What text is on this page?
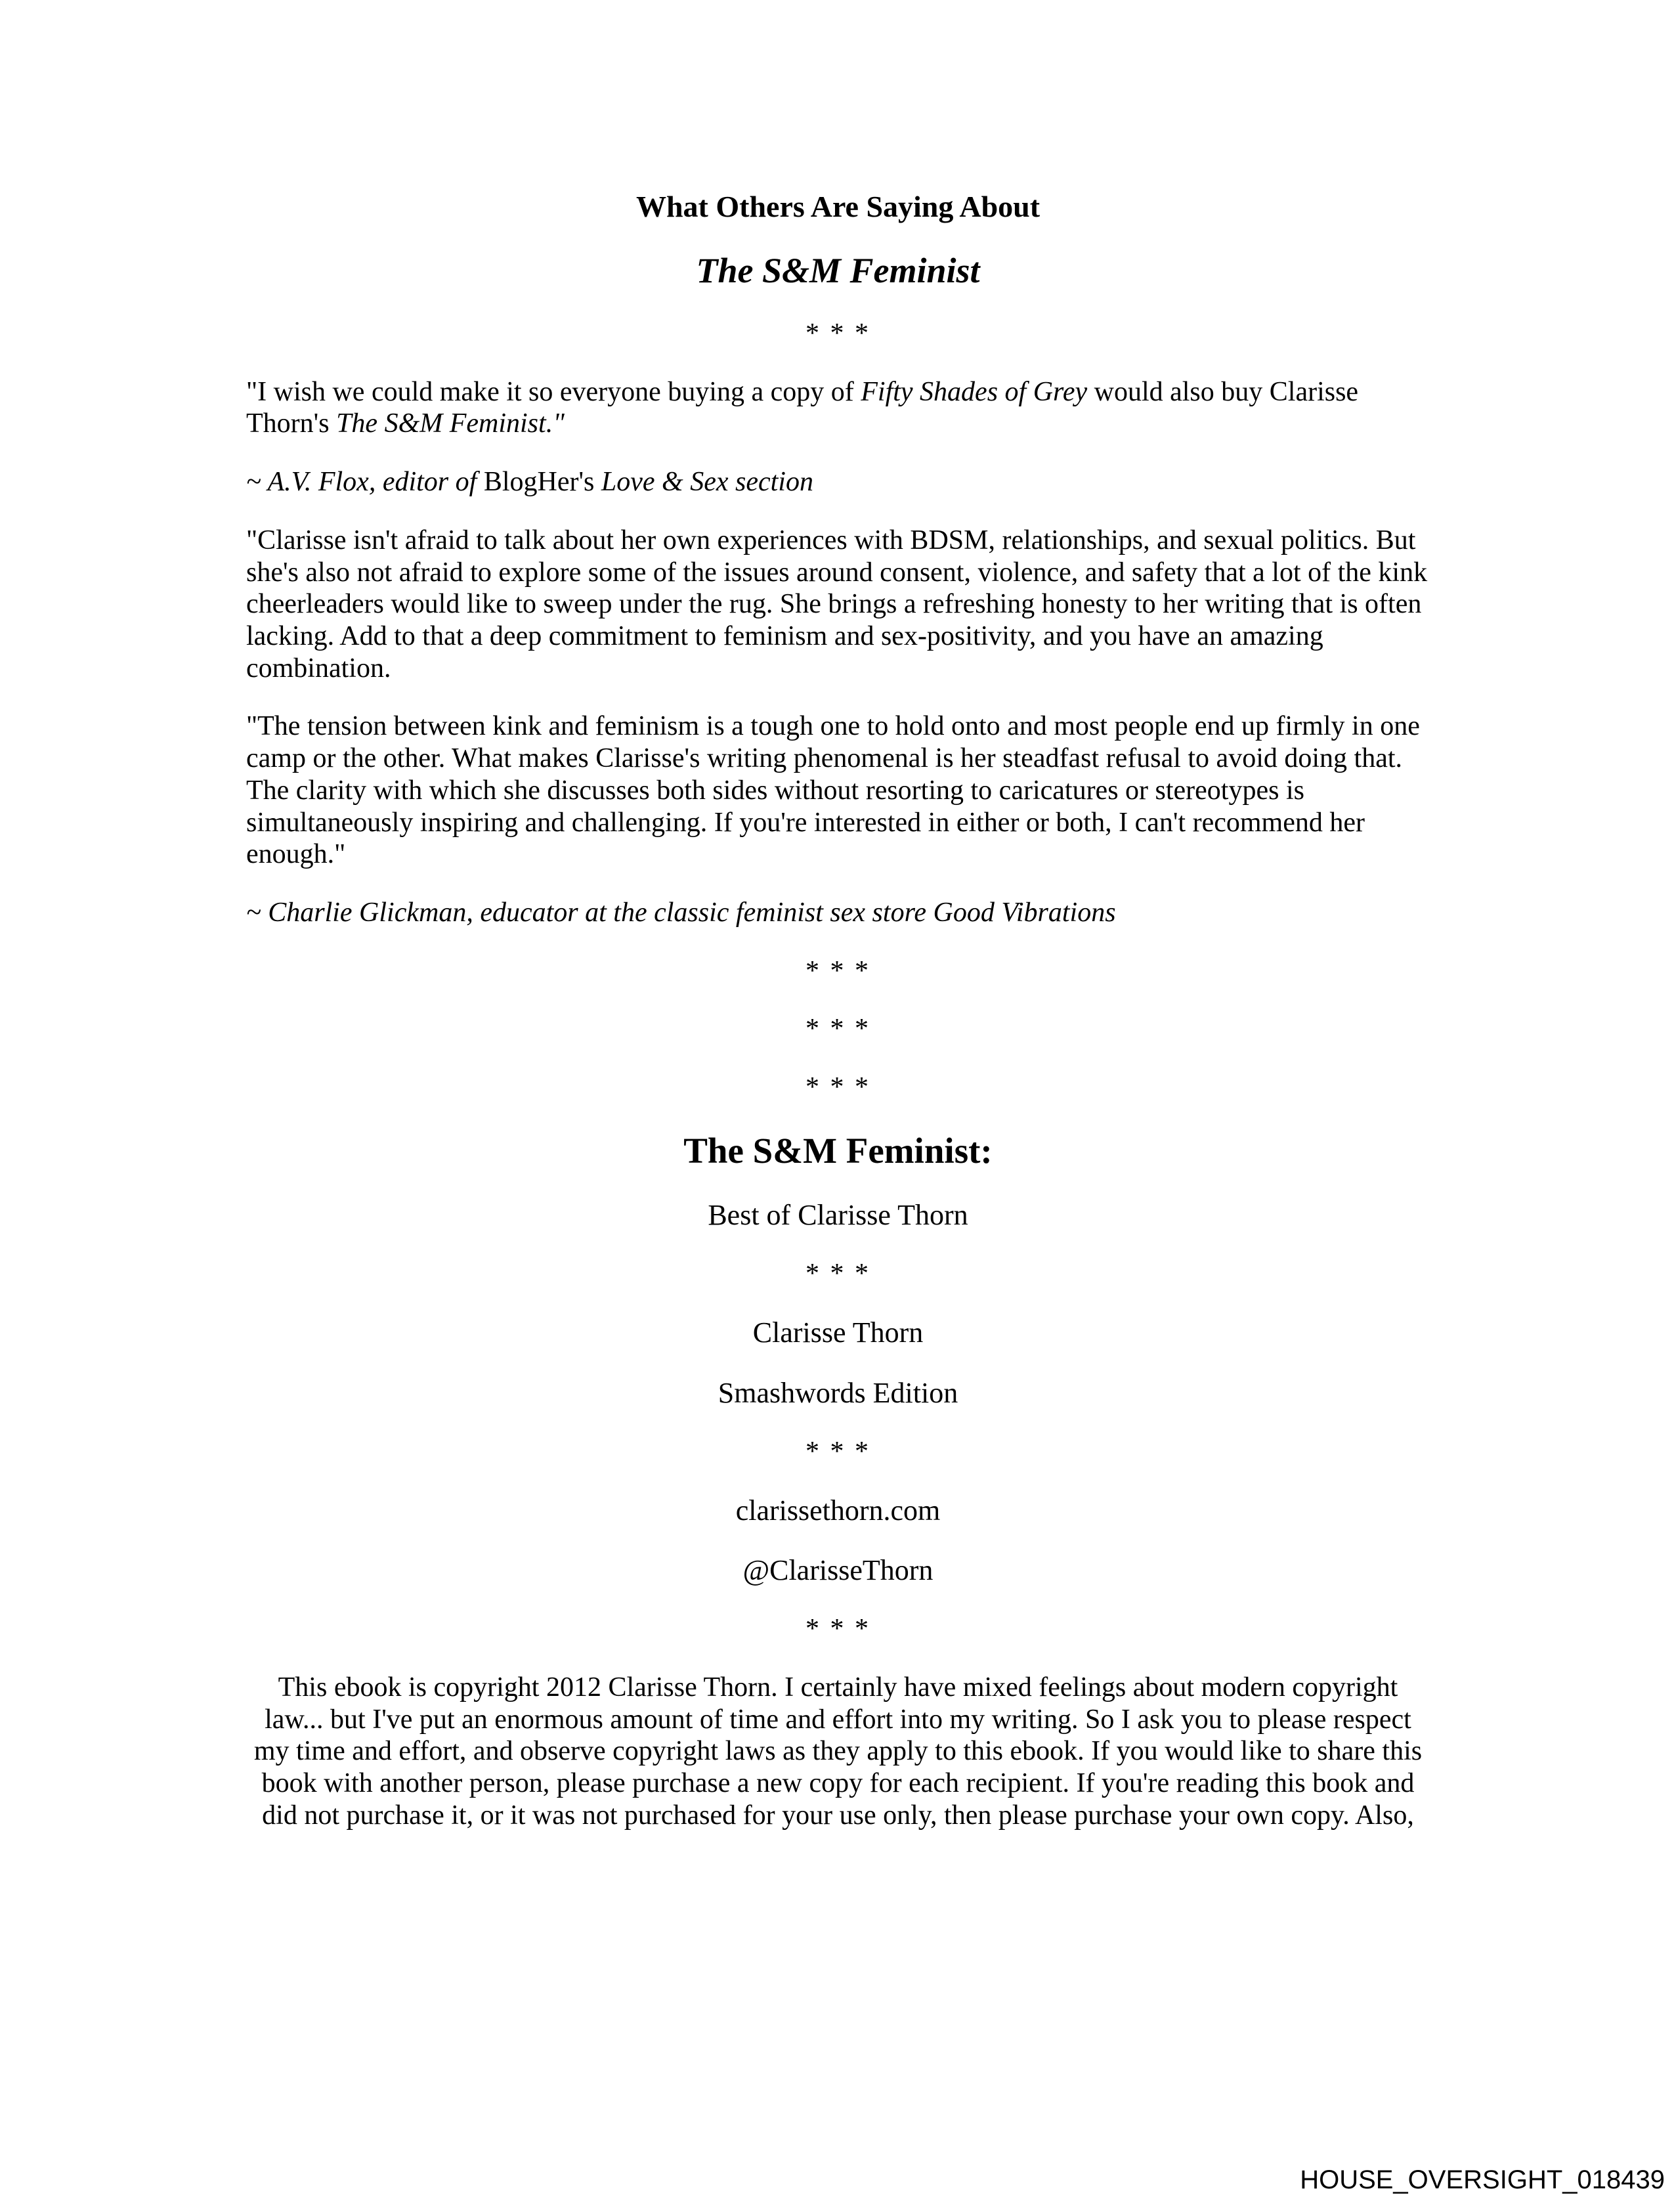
What Others Are Saying About

The S&M Feminist

* * *

"I wish we could make it so everyone buying a copy of Fifty Shades of Grey would also buy Clarisse Thorn's The S&M Feminist."

~ A.V. Flox, editor of BlogHer's Love & Sex section

"Clarisse isn't afraid to talk about her own experiences with BDSM, relationships, and sexual politics. But she's also not afraid to explore some of the issues around consent, violence, and safety that a lot of the kink cheerleaders would like to sweep under the rug. She brings a refreshing honesty to her writing that is often lacking. Add to that a deep commitment to feminism and sex-positivity, and you have an amazing combination.

"The tension between kink and feminism is a tough one to hold onto and most people end up firmly in one camp or the other. What makes Clarisse's writing phenomenal is her steadfast refusal to avoid doing that. The clarity with which she discusses both sides without resorting to caricatures or stereotypes is simultaneously inspiring and challenging. If you're interested in either or both, I can't recommend her enough."

~ Charlie Glickman, educator at the classic feminist sex store Good Vibrations

* * *

* * *

* * *

The S&M Feminist:

Best of Clarisse Thorn

* * *

Clarisse Thorn

Smashwords Edition

* * *

clarissethorn.com

@ClarisseThorn

* * *

This ebook is copyright 2012 Clarisse Thorn. I certainly have mixed feelings about modern copyright law... but I've put an enormous amount of time and effort into my writing. So I ask you to please respect my time and effort, and observe copyright laws as they apply to this ebook. If you would like to share this book with another person, please purchase a new copy for each recipient. If you're reading this book and did not purchase it, or it was not purchased for your use only, then please purchase your own copy. Also,

HOUSE_OVERSIGHT_018439
